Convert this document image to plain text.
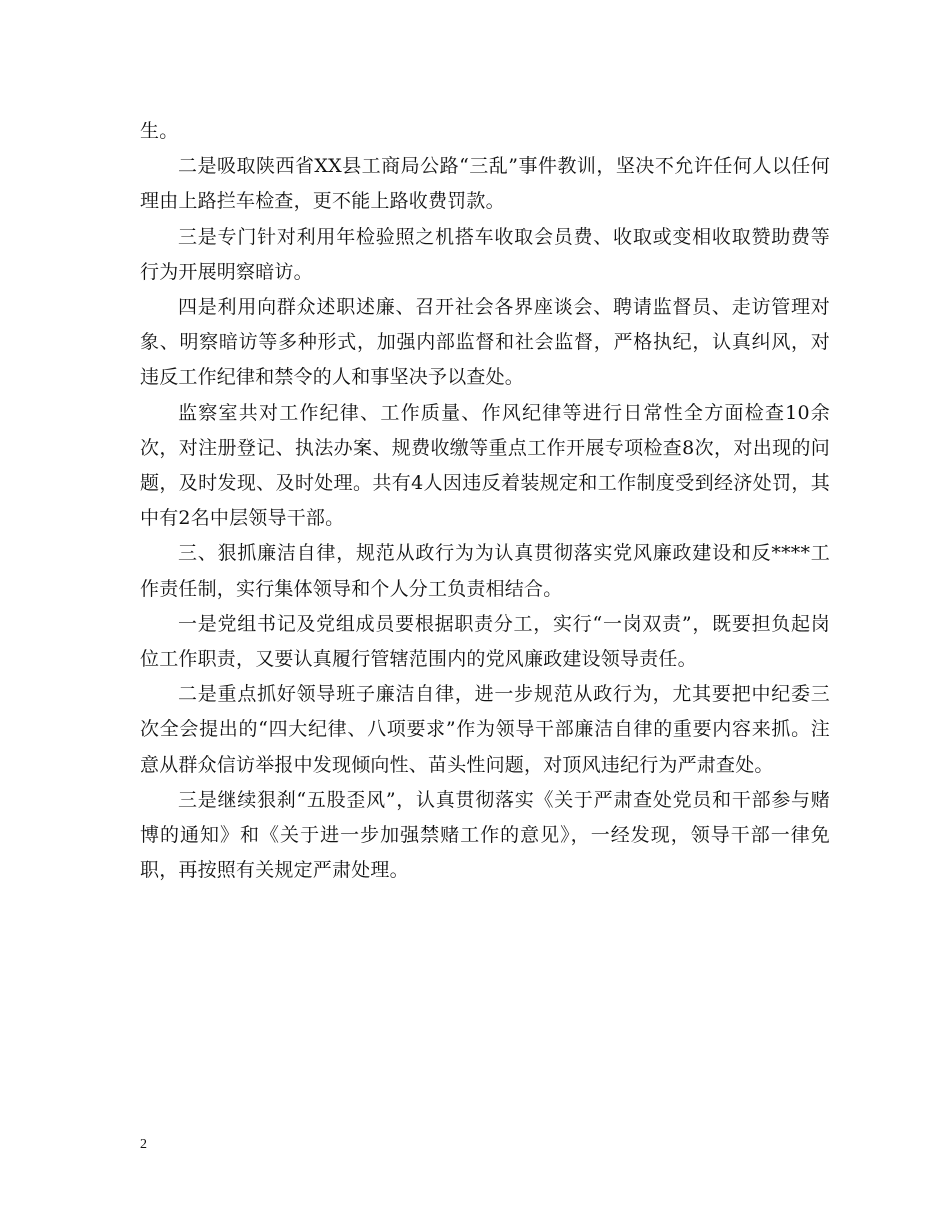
生。

二是吸取陕西省XX县工商局公路“三乱”事件教训，坚决不允许任何人以任何理由上路拦车检查，更不能上路收费罚款。

三是专门针对利用年检验照之机搭车收取会员费、收取或变相收取赞助费等行为开展明察暗访。

四是利用向群众述职述廉、召开社会各界座谈会、聘请监督员、走访管理对象、明察暗访等多种形式，加强内部监督和社会监督，严格执纪，认真纠风，对违反工作纪律和禁令的人和事坚决予以查处。

监察室共对工作纪律、工作质量、作风纪律等进行日常性全方面检查10余次，对注册登记、执法办案、规费收缴等重点工作开展专项检查8次，对出现的问题，及时发现、及时处理。共有4人因违反着装规定和工作制度受到经济处罚，其中有2名中层领导干部。

三、狠抓廉洁自律，规范从政行为为认真贯彻落实党风廉政建设和反****工作责任制，实行集体领导和个人分工负责相结合。

一是党组书记及党组成员要根据职责分工，实行“一岗双责”，既要担负起岗位工作职责，又要认真履行管辖范围内的党风廉政建设领导责任。

二是重点抓好领导班子廉洁自律，进一步规范从政行为，尤其要把中纪委三次全会提出的“四大纪律、八项要求”作为领导干部廉洁自律的重要内容来抓。注意从群众信访举报中发现倾向性、苗头性问题，对顶风违纪行为严肃查处。

三是继续狠刹“五股歪风”，认真贯彻落实《关于严肃查处党员和干部参与赌博的通知》和《关于进一步加强禁赌工作的意见》，一经发现，领导干部一律免职，再按照有关规定严肃处理。

2
